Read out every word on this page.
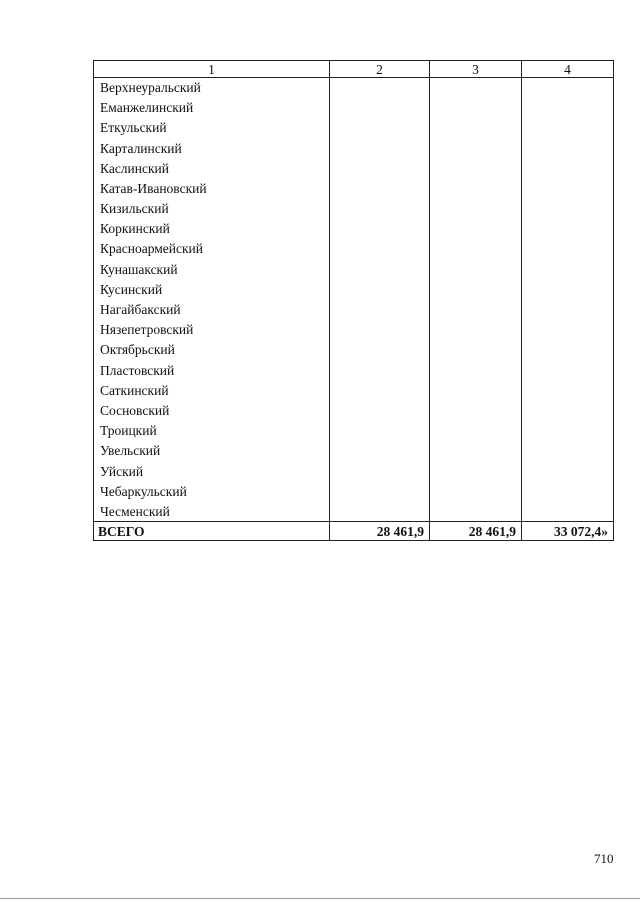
1	2	3	4
Верхнеуральский			
Еманжелинский			
Еткульский			
Карталинский			
Каслинский			
Катав-Ивановский			
Кизильский			
Коркинский			
Красноармейский			
Кунашакский			
Кусинский			
Нагайбакский			
Нязепетровский			
Октябрьский			
Пластовский			
Саткинский			
Сосновский			
Троицкий			
Увельский			
Уйский			
Чебаркульский			
Чесменский			
ВСЕГО	28 461,9	28 461,9	33 072,4»
710
